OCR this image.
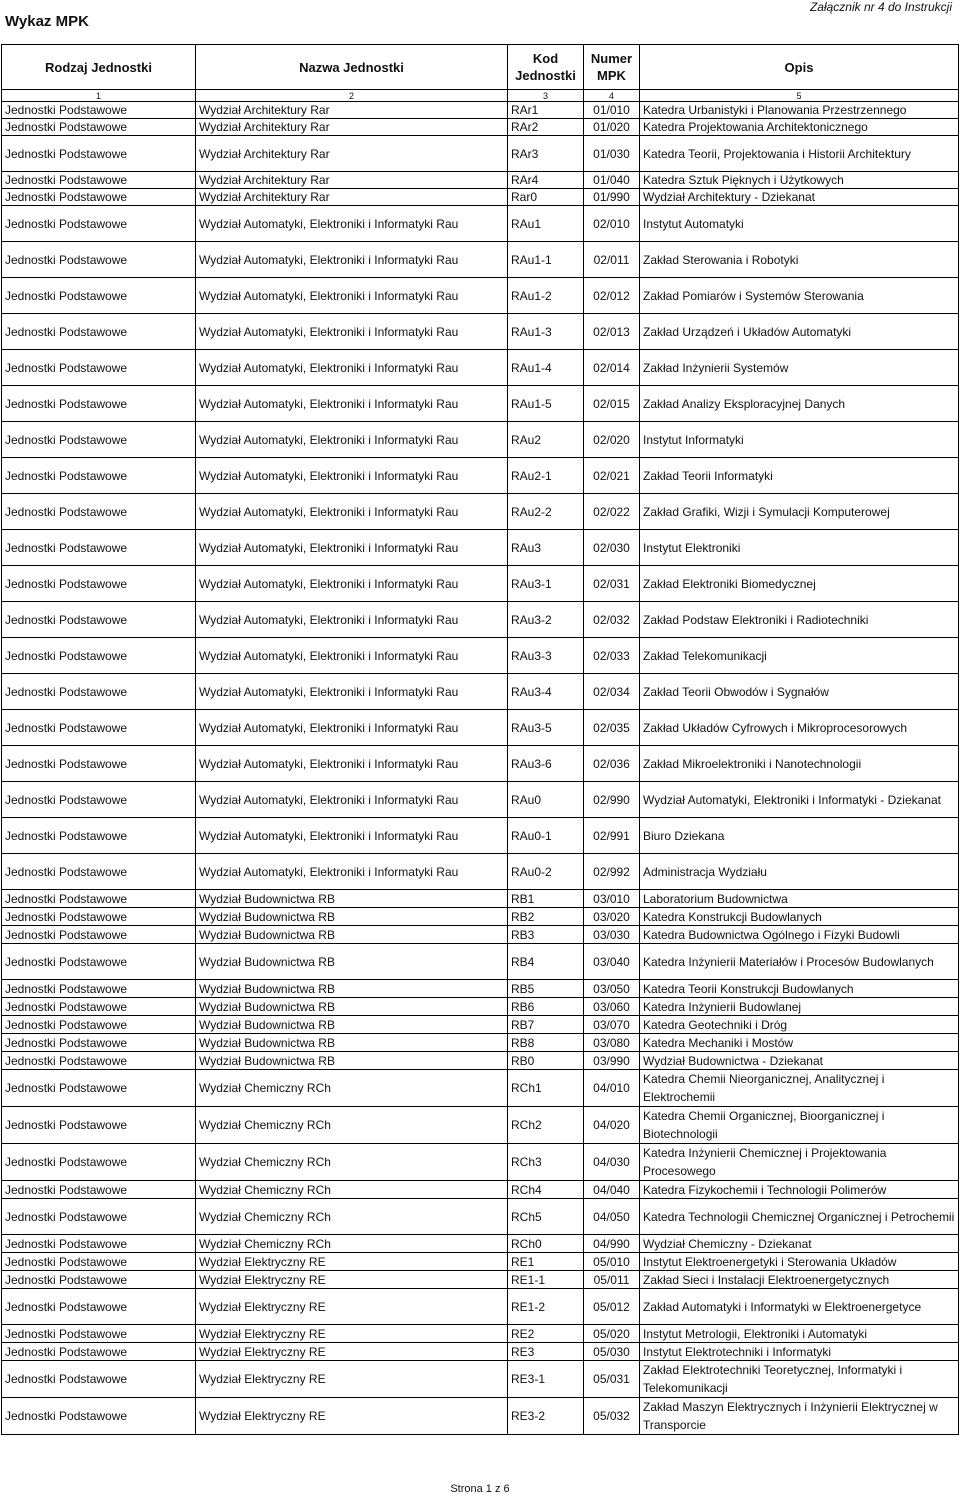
Wykaz MPK
Załącznik nr 4 do Instrukcji
Rodzaj Jednostki	Nazwa Jednostki	Kod Jednostki	Numer MPK	Opis
1	2	3	4	5
Jednostki Podstawowe	Wydział Architektury Rar	RAr1	01/010	Katedra Urbanistyki i Planowania Przestrzennego
Jednostki Podstawowe	Wydział Architektury Rar	RAr2	01/020	Katedra Projektowania Architektonicznego
Jednostki Podstawowe	Wydział Architektury Rar	RAr3	01/030	Katedra Teorii, Projektowania i Historii Architektury
Jednostki Podstawowe	Wydział Architektury Rar	RAr4	01/040	Katedra Sztuk Pięknych i Użytkowych
Jednostki Podstawowe	Wydział Architektury Rar	Rar0	01/990	Wydział Architektury - Dziekanat
Jednostki Podstawowe	Wydział Automatyki, Elektroniki i Informatyki Rau	RAu1	02/010	Instytut Automatyki
Jednostki Podstawowe	Wydział Automatyki, Elektroniki i Informatyki Rau	RAu1-1	02/011	Zakład Sterowania i Robotyki
Jednostki Podstawowe	Wydział Automatyki, Elektroniki i Informatyki Rau	RAu1-2	02/012	Zakład Pomiarów i Systemów Sterowania
Jednostki Podstawowe	Wydział Automatyki, Elektroniki i Informatyki Rau	RAu1-3	02/013	Zakład Urządzeń i Układów Automatyki
Jednostki Podstawowe	Wydział Automatyki, Elektroniki i Informatyki Rau	RAu1-4	02/014	Zakład Inżynierii Systemów
Jednostki Podstawowe	Wydział Automatyki, Elektroniki i Informatyki Rau	RAu1-5	02/015	Zakład Analizy Eksploracyjnej Danych
Jednostki Podstawowe	Wydział Automatyki, Elektroniki i Informatyki Rau	RAu2	02/020	Instytut Informatyki
Jednostki Podstawowe	Wydział Automatyki, Elektroniki i Informatyki Rau	RAu2-1	02/021	Zakład Teorii Informatyki
Jednostki Podstawowe	Wydział Automatyki, Elektroniki i Informatyki Rau	RAu2-2	02/022	Zakład Grafiki, Wizji i Symulacji Komputerowej
Jednostki Podstawowe	Wydział Automatyki, Elektroniki i Informatyki Rau	RAu3	02/030	Instytut Elektroniki
Jednostki Podstawowe	Wydział Automatyki, Elektroniki i Informatyki Rau	RAu3-1	02/031	Zakład Elektroniki Biomedycznej
Jednostki Podstawowe	Wydział Automatyki, Elektroniki i Informatyki Rau	RAu3-2	02/032	Zakład Podstaw Elektroniki i Radiotechniki
Jednostki Podstawowe	Wydział Automatyki, Elektroniki i Informatyki Rau	RAu3-3	02/033	Zakład Telekomunikacji
Jednostki Podstawowe	Wydział Automatyki, Elektroniki i Informatyki Rau	RAu3-4	02/034	Zakład Teorii Obwodów i Sygnałów
Jednostki Podstawowe	Wydział Automatyki, Elektroniki i Informatyki Rau	RAu3-5	02/035	Zakład Układów Cyfrowych i Mikroprocesorowych
Jednostki Podstawowe	Wydział Automatyki, Elektroniki i Informatyki Rau	RAu3-6	02/036	Zakład Mikroelektroniki i Nanotechnologii
Jednostki Podstawowe	Wydział Automatyki, Elektroniki i Informatyki Rau	RAu0	02/990	Wydział Automatyki, Elektroniki i Informatyki - Dziekanat
Jednostki Podstawowe	Wydział Automatyki, Elektroniki i Informatyki Rau	RAu0-1	02/991	Biuro Dziekana
Jednostki Podstawowe	Wydział Automatyki, Elektroniki i Informatyki Rau	RAu0-2	02/992	Administracja Wydziału
Jednostki Podstawowe	Wydział Budownictwa RB	RB1	03/010	Laboratorium Budownictwa
Jednostki Podstawowe	Wydział Budownictwa RB	RB2	03/020	Katedra Konstrukcji Budowlanych
Jednostki Podstawowe	Wydział Budownictwa RB	RB3	03/030	Katedra Budownictwa Ogólnego i Fizyki Budowli
Jednostki Podstawowe	Wydział Budownictwa RB	RB4	03/040	Katedra Inżynierii Materiałów i Procesów Budowlanych
Jednostki Podstawowe	Wydział Budownictwa RB	RB5	03/050	Katedra Teorii Konstrukcji Budowlanych
Jednostki Podstawowe	Wydział Budownictwa RB	RB6	03/060	Katedra Inżynierii Budowlanej
Jednostki Podstawowe	Wydział Budownictwa RB	RB7	03/070	Katedra Geotechniki i Dróg
Jednostki Podstawowe	Wydział Budownictwa RB	RB8	03/080	Katedra Mechaniki i Mostów
Jednostki Podstawowe	Wydział Budownictwa RB	RB0	03/990	Wydział Budownictwa - Dziekanat
Jednostki Podstawowe	Wydział Chemiczny RCh	RCh1	04/010	Katedra Chemii Nieorganicznej, Analitycznej i Elektrochemii
Jednostki Podstawowe	Wydział Chemiczny RCh	RCh2	04/020	Katedra Chemii Organicznej, Bioorganicznej i Biotechnologii
Jednostki Podstawowe	Wydział Chemiczny RCh	RCh3	04/030	Katedra Inżynierii Chemicznej i Projektowania Procesowego
Jednostki Podstawowe	Wydział Chemiczny RCh	RCh4	04/040	Katedra Fizykochemii i Technologii Polimerów
Jednostki Podstawowe	Wydział Chemiczny RCh	RCh5	04/050	Katedra Technologii Chemicznej Organicznej i Petrochemii
Jednostki Podstawowe	Wydział Chemiczny RCh	RCh0	04/990	Wydział Chemiczny - Dziekanat
Jednostki Podstawowe	Wydział Elektryczny RE	RE1	05/010	Instytut Elektroenergetyki i Sterowania Układów
Jednostki Podstawowe	Wydział Elektryczny RE	RE1-1	05/011	Zakład Sieci i Instalacji Elektroenergetycznych
Jednostki Podstawowe	Wydział Elektryczny RE	RE1-2	05/012	Zakład Automatyki i Informatyki w Elektroenergetyce
Jednostki Podstawowe	Wydział Elektryczny RE	RE2	05/020	Instytut Metrologii, Elektroniki i Automatyki
Jednostki Podstawowe	Wydział Elektryczny RE	RE3	05/030	Instytut Elektrotechniki i Informatyki
Jednostki Podstawowe	Wydział Elektryczny RE	RE3-1	05/031	Zakład Elektrotechniki Teoretycznej, Informatyki i Telekomunikacji
Jednostki Podstawowe	Wydział Elektryczny RE	RE3-2	05/032	Zakład Maszyn Elektrycznych i Inżynierii Elektrycznej w Transporcie
Strona 1 z 6
